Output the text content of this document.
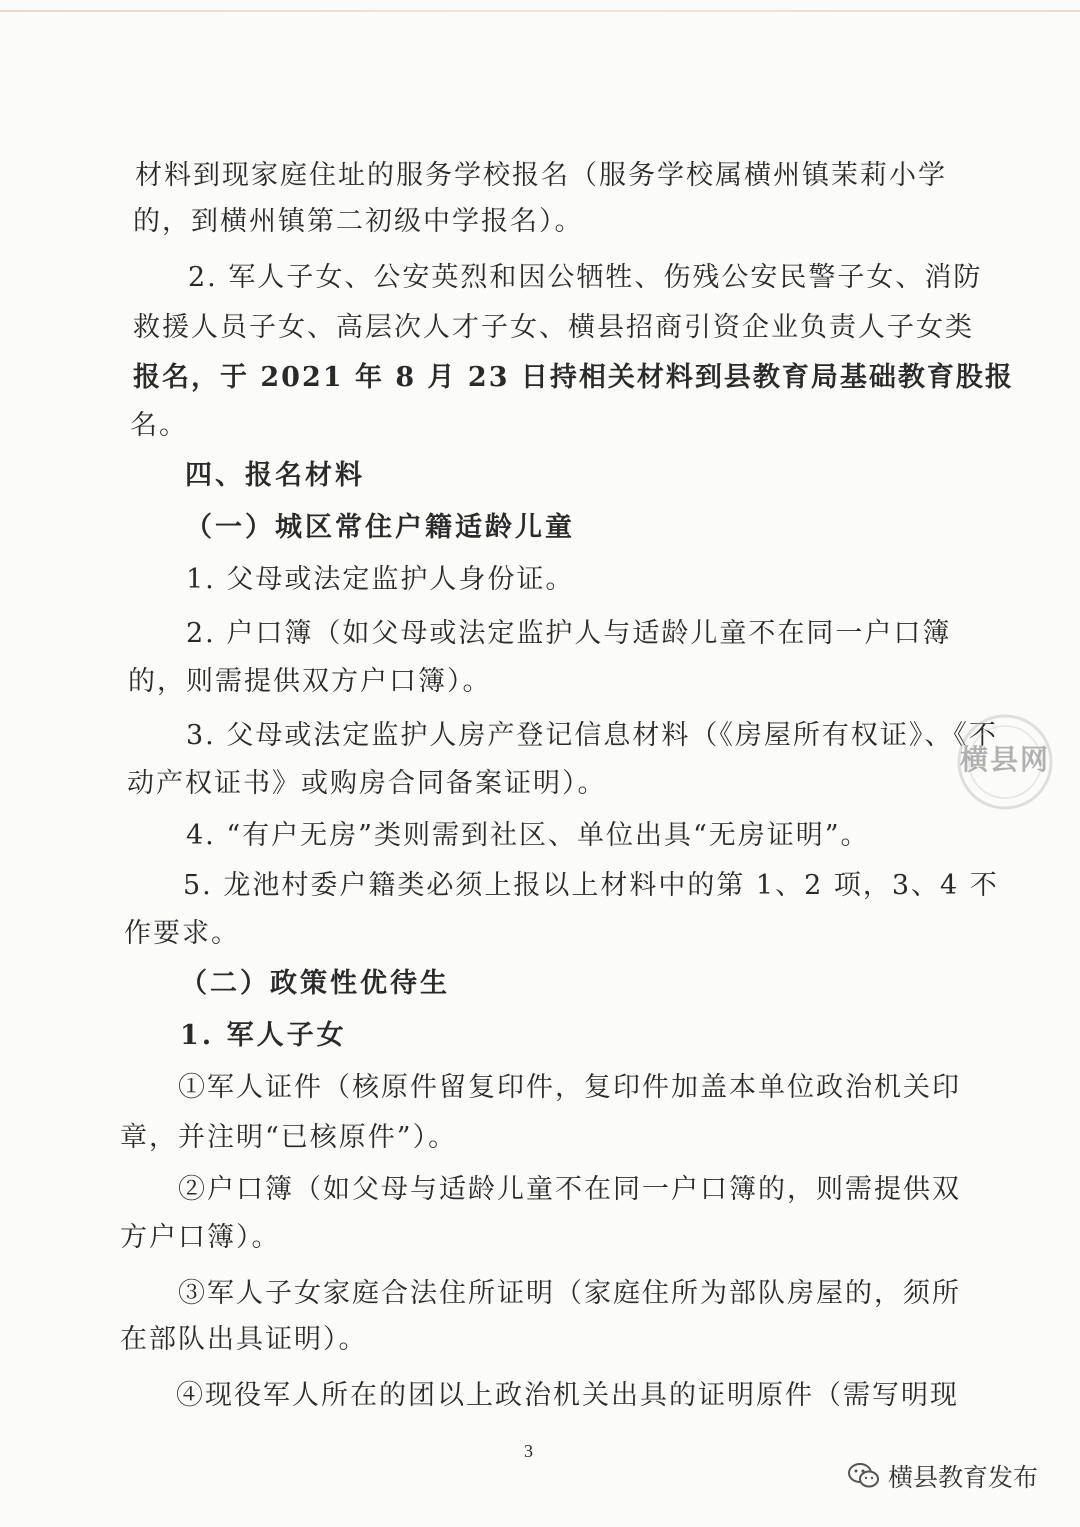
材料到现家庭住址的服务学校报名（服务学校属横州镇茉莉小学

的，到横州镇第二初级中学报名）。

2. 军人子女、公安英烈和因公牺牲、伤残公安民警子女、消防

救援人员子女、高层次人才子女、横县招商引资企业负责人子女类

报名，于 2021 年 8 月 23 日持相关材料到县教育局基础教育股报

名。

四、报名材料

（一）城区常住户籍适龄儿童

1. 父母或法定监护人身份证。

2. 户口簿（如父母或法定监护人与适龄儿童不在同一户口簿

的，则需提供双方户口簿）。

3. 父母或法定监护人房产登记信息材料（《房屋所有权证》、《不

动产权证书》或购房合同备案证明）。

4. “有户无房”类则需到社区、单位出具“无房证明”。

5. 龙池村委户籍类必须上报以上材料中的第 1、2 项，3、4 不

作要求。

（二）政策性优待生

1. 军人子女

①军人证件（核原件留复印件，复印件加盖本单位政治机关印

章，并注明“已核原件”）。

②户口簿（如父母与适龄儿童不在同一户口簿的，则需提供双

方户口簿）。

③军人子女家庭合法住所证明（家庭住所为部队房屋的，须所

在部队出具证明）。

④现役军人所在的团以上政治机关出具的证明原件（需写明现

3
横县网
横县教育发布
